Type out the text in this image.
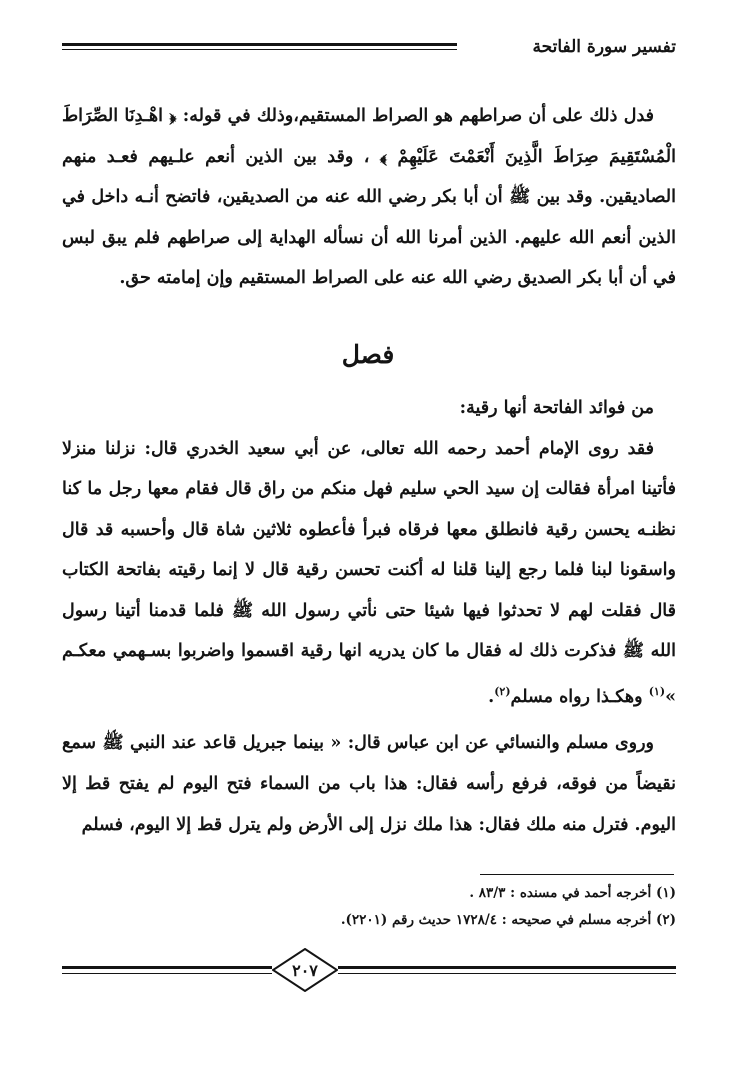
تفسير سورة الفاتحة

فدل ذلك على أن صراطهم هو الصراط المستقيم،وذلك في قوله: ﴿ اهْـدِنَا الصِّرَاطَ الْمُسْتَقِيمَ صِرَاطَ الَّذِينَ أَنْعَمْتَ عَلَيْهِمْ ﴾ ، وقد بين الذين أنعم علـيهم فعـد منهم الصاديقين. وقد بين ﷺ أن أبا بكر رضي الله عنه من الصديقين، فاتضح أنـه داخل في الذين أنعم الله عليهم. الذين أمرنا الله أن نسأله الهداية إلى صراطهم فلم يبق لبس في أن أبا بكر الصديق رضي الله عنه على الصراط المستقيم وإن إمامته حق.

فصل

من فوائد الفاتحة أنها رقية:

فقد روى الإمام أحمد رحمه الله تعالى، عن أبي سعيد الخدري قال: نزلنا منزلا فأتينا امرأة فقالت إن سيد الحي سليم فهل منكم من راق قال فقام معها رجل ما كنا نظنـه يحسن رقية فانطلق معها فرقاه فبرأ فأعطوه ثلاثين شاة قال وأحسبه قد قال واسقونا لبنا فلما رجع إلينا قلنا له أكنت تحسن رقية قال لا إنما رقيته بفاتحة الكتاب قال فقلت لهم لا تحدثوا فيها شيئا حتى نأتي رسول الله ﷺ فلما قدمنا أتينا رسول الله ﷺ فذكرت ذلك له فقال ما كان يدريه انها رقية اقسموا واضربوا بسـهمي معكـم »$^{(١)}$ وهكـذا رواه مسلم$^{(٢)}$.

وروى مسلم والنسائي عن ابن عباس قال: « بينما جبريل قاعد عند النبي ﷺ سمع نقيضاً من فوقه، فرفع رأسه فقال: هذا باب من السماء فتح اليوم لم يفتح قط إلا اليوم. فترل منه ملك فقال: هذا ملك نزل إلى الأرض ولم يترل قط إلا اليوم، فسلم

(١) أخرجه أحمد في مسنده : ٨٣/٣ .
(٢) أخرجه مسلم في صحيحه : ١٧٢٨/٤ حديث رقم (٢٢٠١).
٢٠٧
